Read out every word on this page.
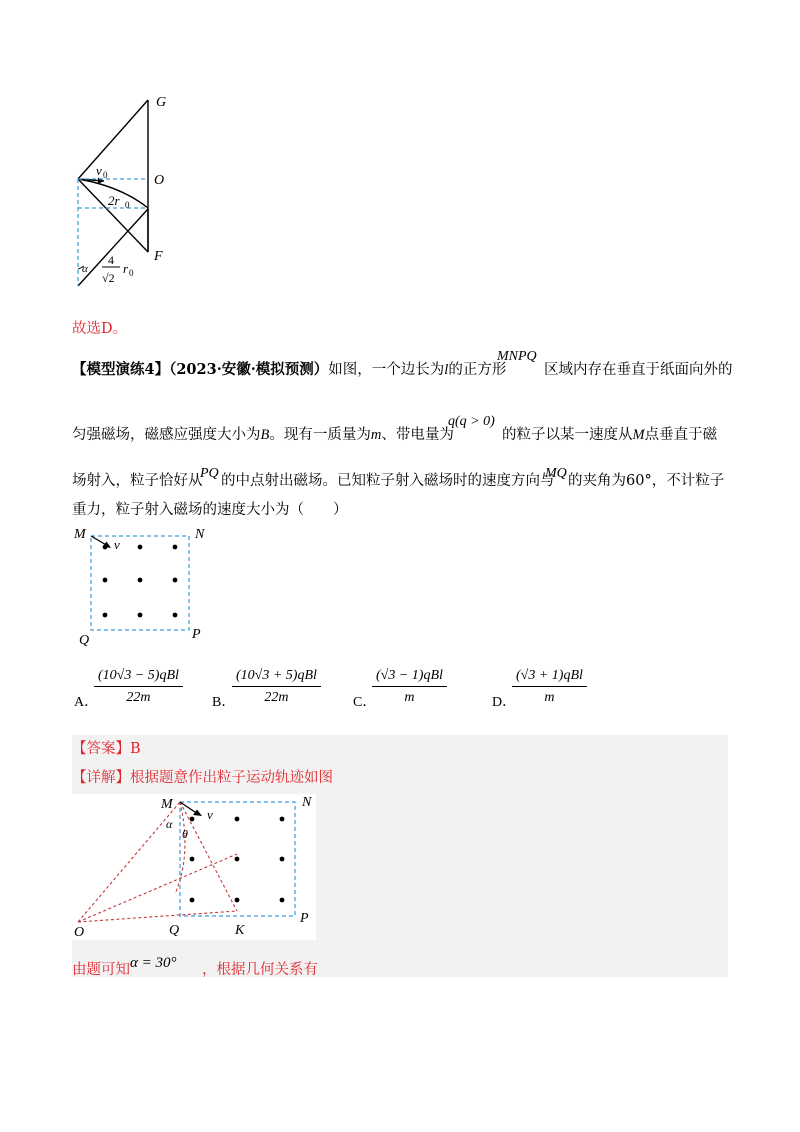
G
O
F
v 0
2r 0
α
4
√2
r 0
故选D。
【模型演练4】（2023·安徽·模拟预测）如图，一个边长为l的正方形
MNPQ
区域内存在垂直于纸面向外的
匀强磁场，磁感应强度大小为B。现有一质量为m、带电量为
q(q > 0)
的粒子以某一速度从M点垂直于磁
场射入，粒子恰好从
PQ 的中点射出磁场。已知粒子射入磁场时的速度方向与
MQ 的夹角为60°，不计粒子
重力，粒子射入磁场的速度大小为（　　）
M	N
P
Q
v
A．
(10√3 − 5)qBl
22m	B．
(10√3 + 5)qBl
22m	C．
(√3 − 1)qBl
m	D．
(√3 + 1)qBl
m
【答案】B
【详解】根据题意作出粒子运动轨迹如图
M	N
P
Q	K
O
v
α
θ
由题可知 α = 30° ，根据几何关系有
